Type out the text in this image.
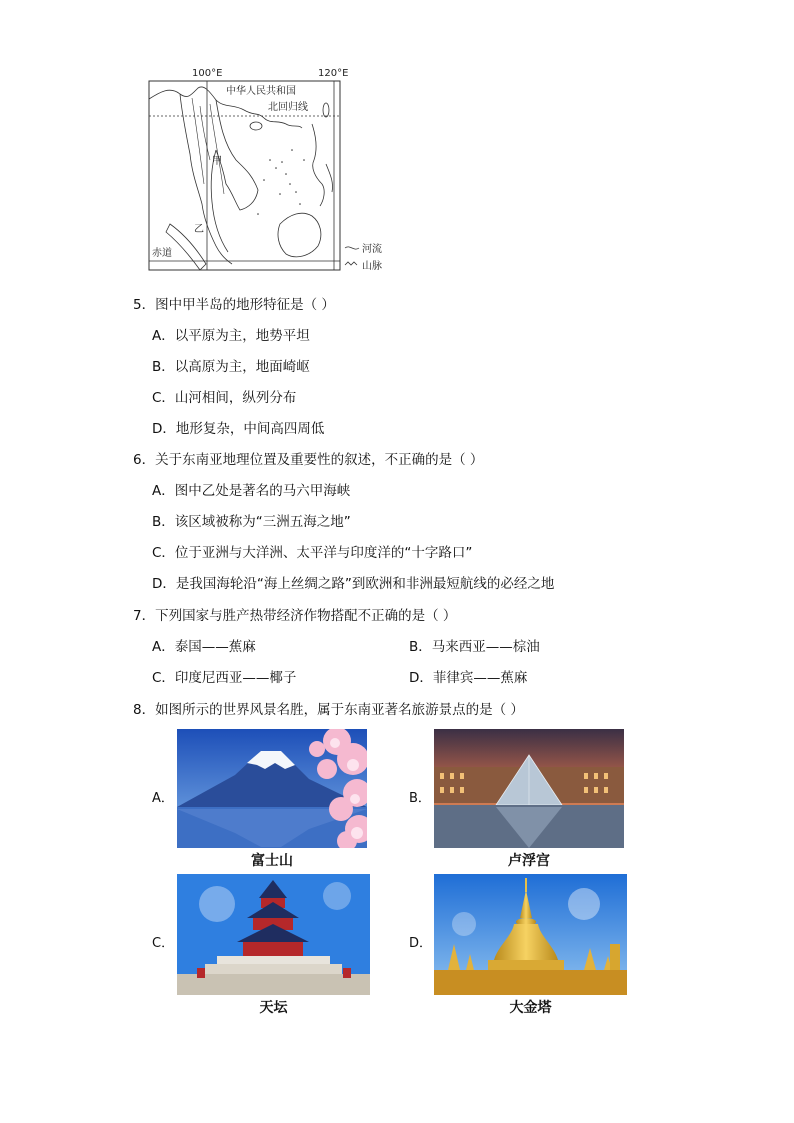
100°E	120°E
中华人民共和国
北回归线
甲
乙
赤道	河流
山脉
5．图中甲半岛的地形特征是（ ）
A．以平原为主，地势平坦
B．以高原为主，地面崎岖
C．山河相间，纵列分布
D．地形复杂，中间高四周低
6．关于东南亚地理位置及重要性的叙述，不正确的是（ ）
A．图中乙处是著名的马六甲海峡
B．该区域被称为“三洲五海之地”
C．位于亚洲与大洋洲、太平洋与印度洋的“十字路口”
D．是我国海轮沿“海上丝绸之路”到欧洲和非洲最短航线的必经之地
7．下列国家与胜产热带经济作物搭配不正确的是（ ）
A．泰国——蕉麻	B．马来西亚——棕油
C．印度尼西亚——椰子	D．菲律宾——蕉麻
8．如图所示的世界风景名胜，属于东南亚著名旅游景点的是（ ）
A．
富士山
B．
卢浮宫
C．
天坛
D．
大金塔
